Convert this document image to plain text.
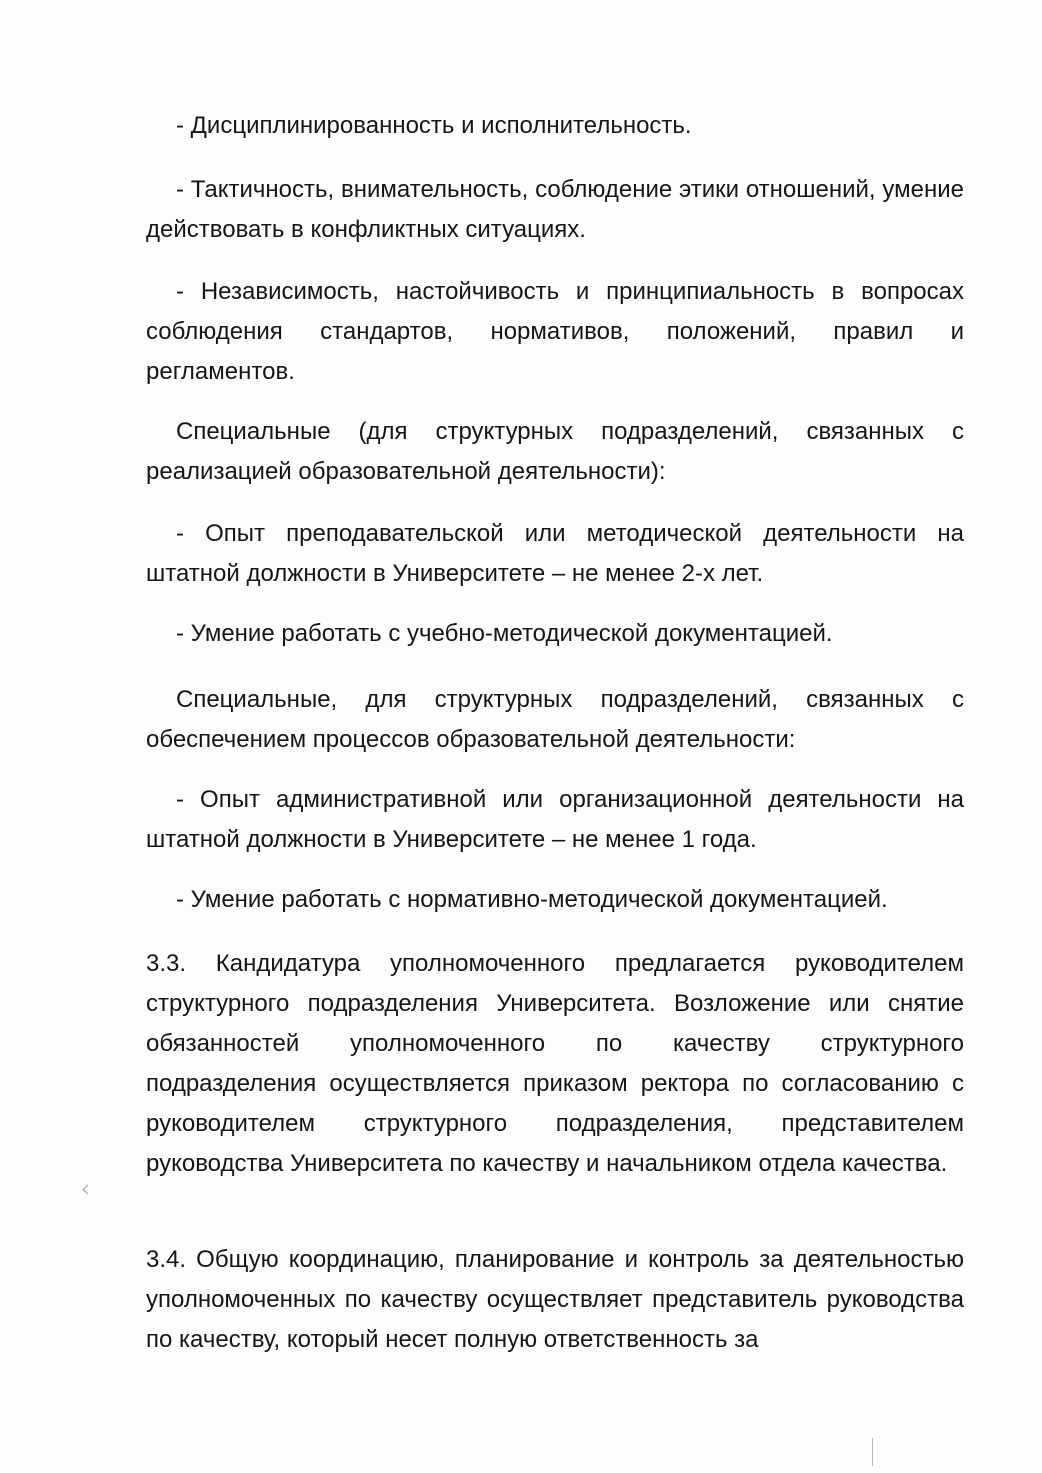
- Дисциплинированность и исполнительность.

- Тактичность, внимательность, соблюдение этики отношений, умение действовать в конфликтных ситуациях.

- Независимость, настойчивость и принципиальность в вопросах соблюдения стандартов, нормативов, положений, правил и регламентов.

Специальные (для структурных подразделений, связанных с реализацией образовательной деятельности):

- Опыт преподавательской или методической деятельности на штатной должности в Университете – не менее 2-х лет.

- Умение работать с учебно-методической документацией.

Специальные, для структурных подразделений, связанных с обеспечением процессов образовательной деятельности:

- Опыт административной или организационной деятельности на штатной должности в Университете – не менее 1 года.

- Умение работать с нормативно-методической документацией.

3.3. Кандидатура уполномоченного предлагается руководителем структурного подразделения Университета. Возложение или снятие обязанностей уполномоченного по качеству структурного подразделения осуществляется приказом ректора по согласованию с руководителем структурного подразделения, представителем руководства Университета по качеству и начальником отдела качества.

3.4. Общую координацию, планирование и контроль за деятельностью уполномоченных по качеству осуществляет представитель руководства по качеству, который несет полную ответственность за
